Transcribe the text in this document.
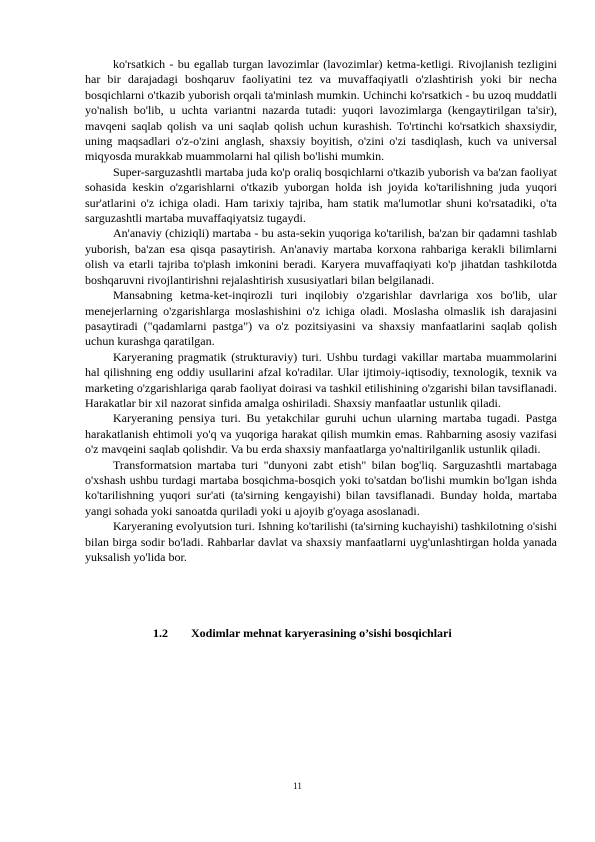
ko'rsatkich - bu egallab turgan lavozimlar (lavozimlar) ketma-ketligi. Rivojlanish tezligini har bir darajadagi boshqaruv faoliyatini tez va muvaffaqiyatli o'zlashtirish yoki bir necha bosqichlarni o'tkazib yuborish orqali ta'minlash mumkin. Uchinchi ko'rsatkich - bu uzoq muddatli yo'nalish bo'lib, u uchta variantni nazarda tutadi: yuqori lavozimlarga (kengaytirilgan ta'sir), mavqeni saqlab qolish va uni saqlab qolish uchun kurashish. To'rtinchi ko'rsatkich shaxsiydir, uning maqsadlari o'z-o'zini anglash, shaxsiy boyitish, o'zini o'zi tasdiqlash, kuch va universal miqyosda murakkab muammolarni hal qilish bo'lishi mumkin.

Super-sarguzashtli martaba juda ko'p oraliq bosqichlarni o'tkazib yuborish va ba'zan faoliyat sohasida keskin o'zgarishlarni o'tkazib yuborgan holda ish joyida ko'tarilishning juda yuqori sur'atlarini o'z ichiga oladi. Ham tarixiy tajriba, ham statik ma'lumotlar shuni ko'rsatadiki, o'ta sarguzashtli martaba muvaffaqiyatsiz tugaydi.

An'anaviy (chiziqli) martaba - bu asta-sekin yuqoriga ko'tarilish, ba'zan bir qadamni tashlab yuborish, ba'zan esa qisqa pasaytirish. An'anaviy martaba korxona rahbariga kerakli bilimlarni olish va etarli tajriba to'plash imkonini beradi. Karyera muvaffaqiyati ko'p jihatdan tashkilotda boshqaruvni rivojlantirishni rejalashtirish xususiyatlari bilan belgilanadi.

Mansabning ketma-ket-inqirozli turi inqilobiy o'zgarishlar davrlariga xos bo'lib, ular menejerlarning o'zgarishlarga moslashishini o'z ichiga oladi. Moslasha olmaslik ish darajasini pasaytiradi ("qadamlarni pastga") va o'z pozitsiyasini va shaxsiy manfaatlarini saqlab qolish uchun kurashga qaratilgan.

Karyeraning pragmatik (strukturaviy) turi. Ushbu turdagi vakillar martaba muammolarini hal qilishning eng oddiy usullarini afzal ko'radilar. Ular ijtimoiy-iqtisodiy, texnologik, texnik va marketing o'zgarishlariga qarab faoliyat doirasi va tashkil etilishining o'zgarishi bilan tavsiflanadi. Harakatlar bir xil nazorat sinfida amalga oshiriladi. Shaxsiy manfaatlar ustunlik qiladi.

Karyeraning pensiya turi. Bu yetakchilar guruhi uchun ularning martaba tugadi. Pastga harakatlanish ehtimoli yo'q va yuqoriga harakat qilish mumkin emas. Rahbarning asosiy vazifasi o'z mavqeini saqlab qolishdir. Va bu erda shaxsiy manfaatlarga yo'naltirilganlik ustunlik qiladi.

Transformatsion martaba turi "dunyoni zabt etish" bilan bog'liq. Sarguzashtli martabaga o'xshash ushbu turdagi martaba bosqichma-bosqich yoki to'satdan bo'lishi mumkin bo'lgan ishda ko'tarilishning yuqori sur'ati (ta'sirning kengayishi) bilan tavsiflanadi. Bunday holda, martaba yangi sohada yoki sanoatda quriladi yoki u ajoyib g'oyaga asoslanadi.

Karyeraning evolyutsion turi. Ishning ko'tarilishi (ta'sirning kuchayishi) tashkilotning o'sishi bilan birga sodir bo'ladi. Rahbarlar davlat va shaxsiy manfaatlarni uyg'unlashtirgan holda yanada yuksalish yo'lida bor.

1.2 Xodimlar mehnat karyerasining o’sishi bosqichlari
11
